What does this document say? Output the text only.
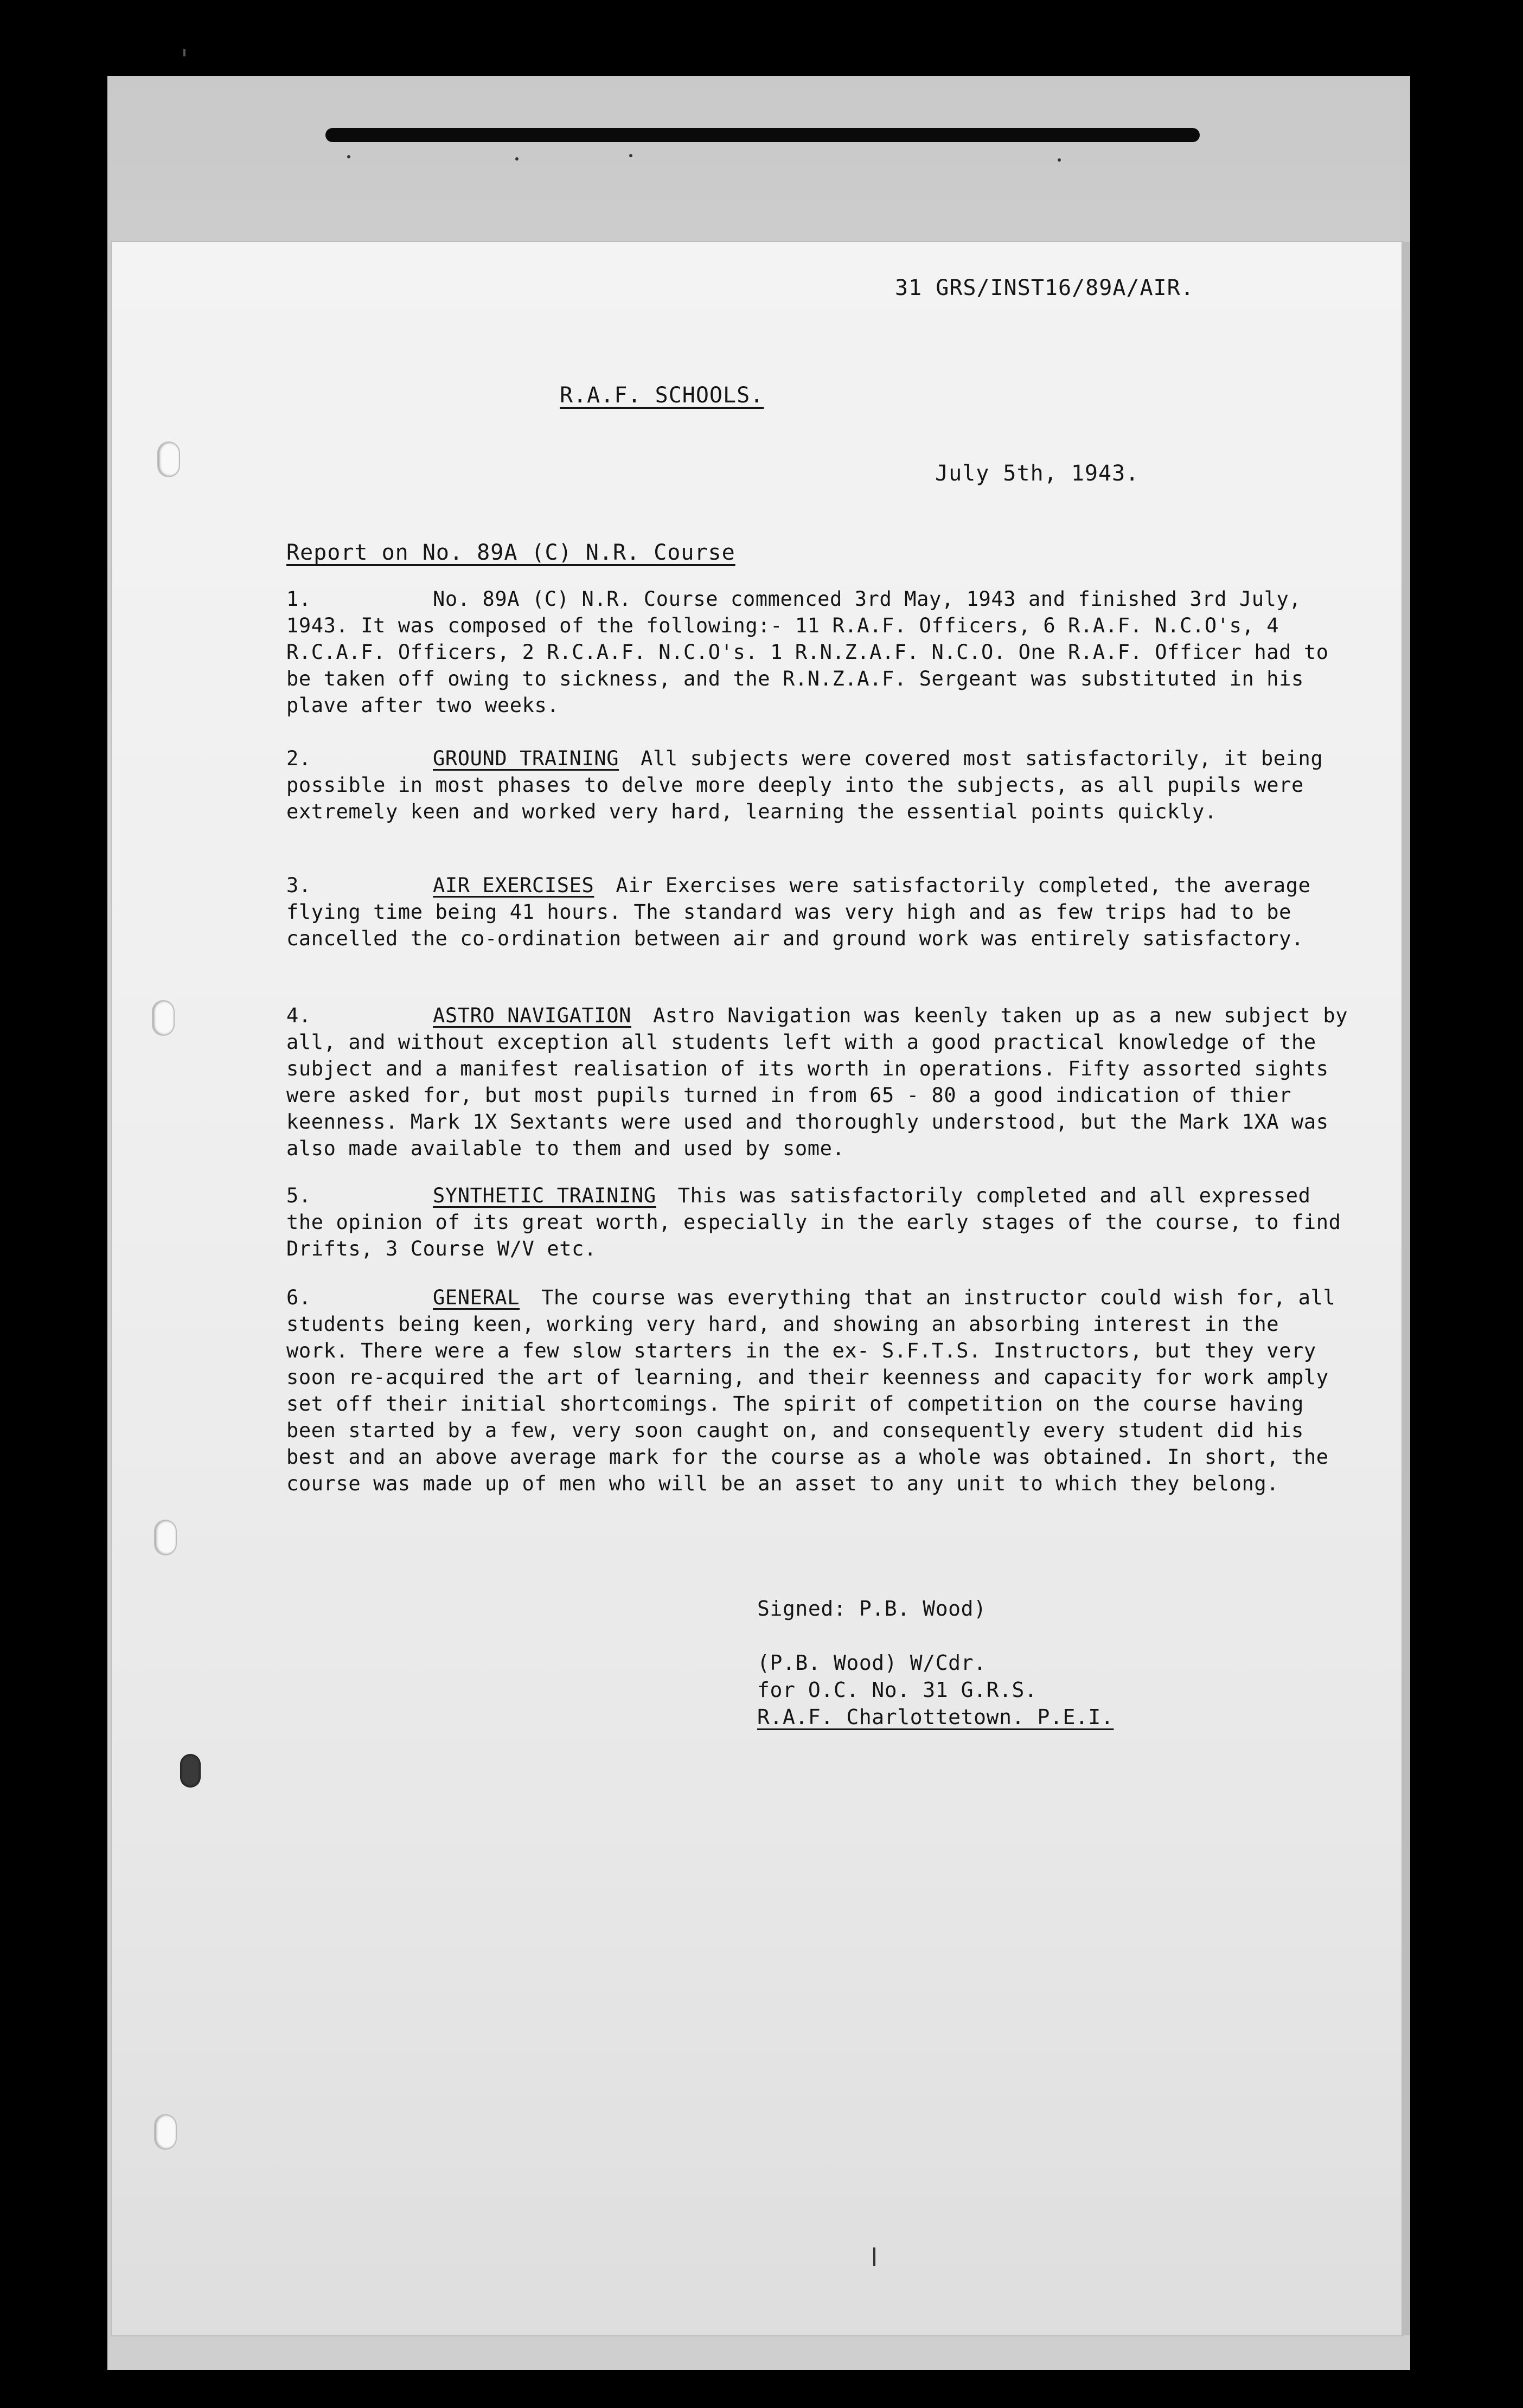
31 GRS/INST16/89A/AIR.
R.A.F. SCHOOLS.
July 5th, 1943.
Report on No. 89A (C) N.R. Course
1.	No. 89A (C) N.R. Course commenced 3rd May, 1943 and finished 3rd July, 1943. It was composed of the following:- 11 R.A.F. Officers, 6 R.A.F. N.C.O's, 4 R.C.A.F. Officers, 2 R.C.A.F. N.C.O's. 1 R.N.Z.A.F. N.C.O. One R.A.F. Officer had to be taken off owing to sickness, and the R.N.Z.A.F. Sergeant was substituted in his plave after two weeks.
2.	GROUND TRAINING All subjects were covered most satisfactorily, it being possible in most phases to delve more deeply into the subjects, as all pupils were extremely keen and worked very hard, learning the essential points quickly.
3.	AIR EXERCISES Air Exercises were satisfactorily completed, the average flying time being 41 hours. The standard was very high and as few trips had to be cancelled the co-ordination between air and ground work was entirely satisfactory.
4.	ASTRO NAVIGATION Astro Navigation was keenly taken up as a new subject by all, and without exception all students left with a good practical knowledge of the subject and a manifest realisation of its worth in operations. Fifty assorted sights were asked for, but most pupils turned in from 65 - 80 a good indication of thier keenness. Mark 1X Sextants were used and thoroughly understood, but the Mark 1XA was also made available to them and used by some.
5.	SYNTHETIC TRAINING This was satisfactorily completed and all expressed the opinion of its great worth, especially in the early stages of the course, to find Drifts, 3 Course W/V etc.
6.	GENERAL The course was everything that an instructor could wish for, all students being keen, working very hard, and showing an absorbing interest in the work. There were a few slow starters in the ex- S.F.T.S. Instructors, but they very soon re-acquired the art of learning, and their keenness and capacity for work amply set off their initial shortcomings. The spirit of competition on the course having been started by a few, very soon caught on, and consequently every student did his best and an above average mark for the course as a whole was obtained. In short, the course was made up of men who will be an asset to any unit to which they belong.
Signed: P.B. Wood)
(P.B. Wood) W/Cdr.
for O.C. No. 31 G.R.S.
R.A.F. Charlottetown. P.E.I.
